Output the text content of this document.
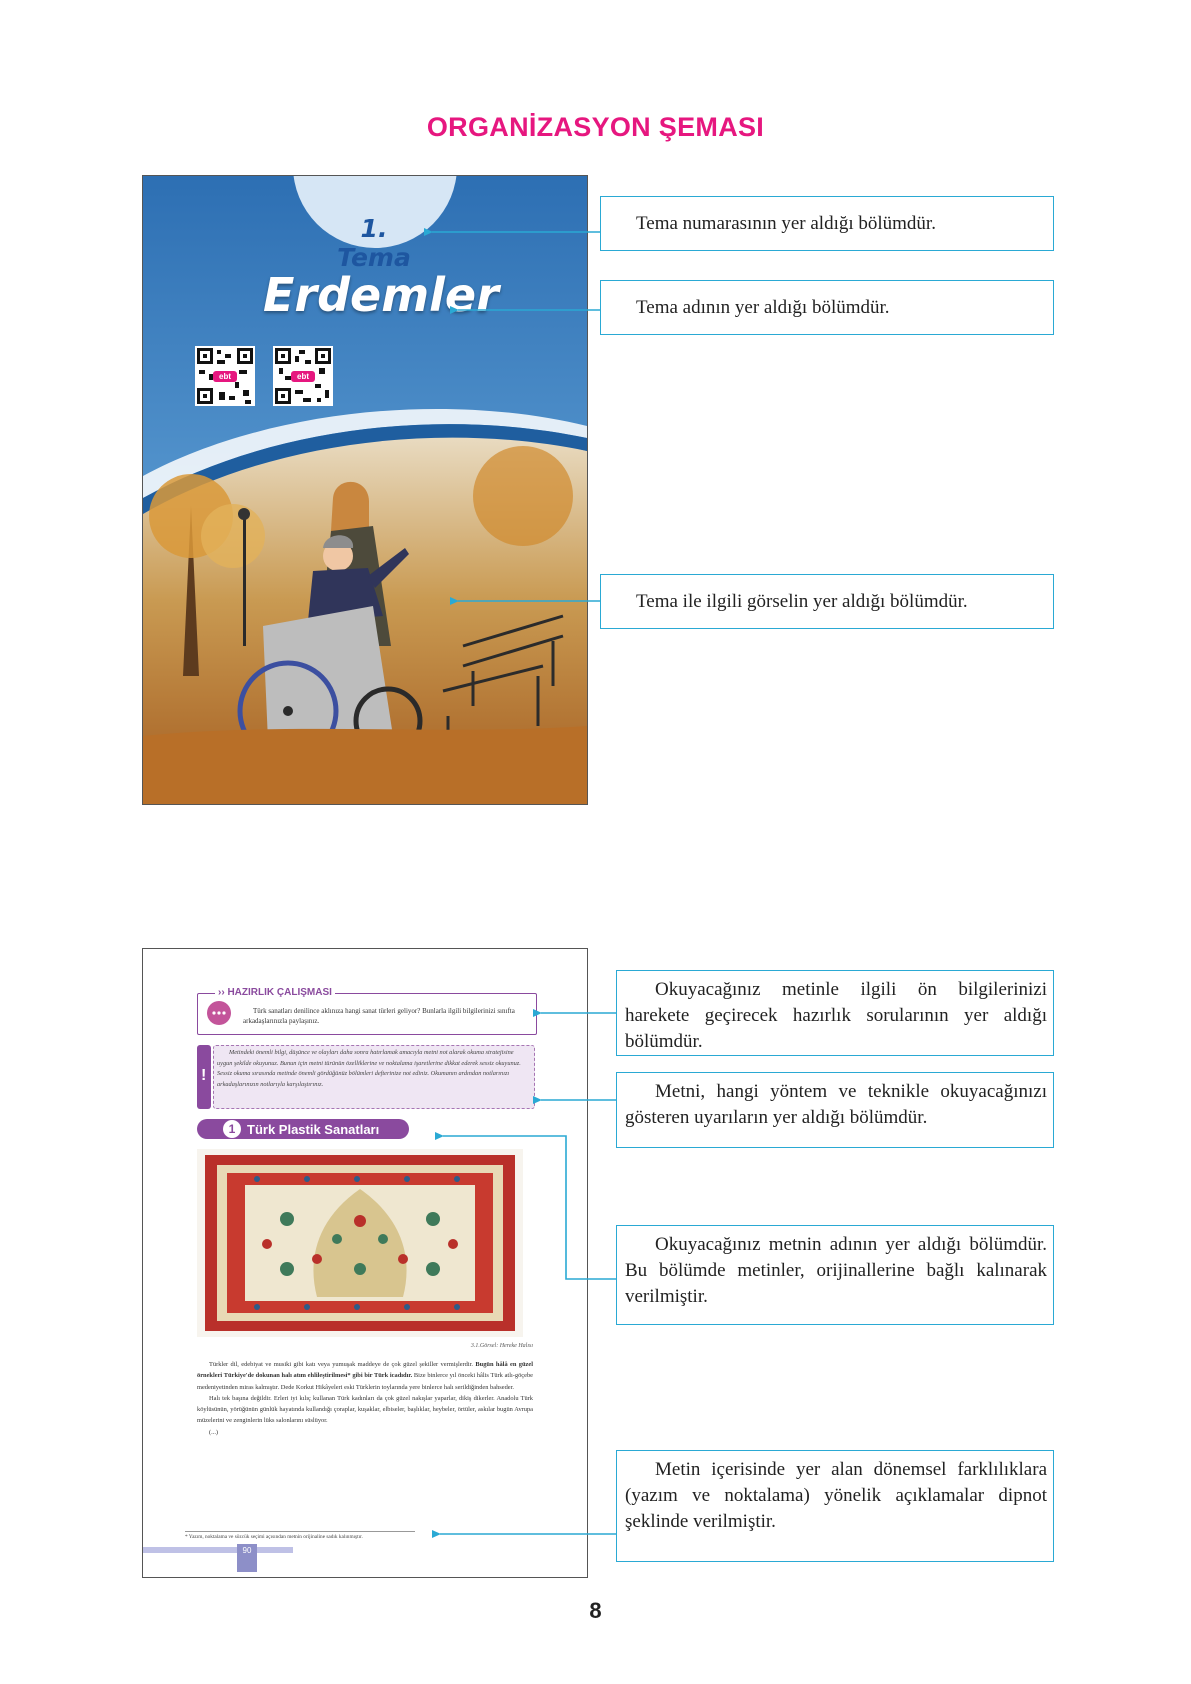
ORGANİZASYON ŞEMASI
1. Tema
Erdemler
ebt	ebt
Tema numarasının yer aldığı bölümdür.
Tema adının yer aldığı bölümdür.
Tema ile ilgili görselin yer aldığı bölümdür.
›› HAZIRLIK ÇALIŞMASI
Türk sanatları denilince aklınıza hangi sanat türleri geliyor? Bunlarla ilgili bilgilerinizi sınıfta arkadaşlarınızla paylaşınız.
!
Metindeki önemli bilgi, düşünce ve olayları daha sonra hatırlamak amacıyla metni not alarak okuma stratejisine uygun şekilde okuyunuz. Bunun için metni türünün özelliklerine ve noktalama işaretlerine dikkat ederek sessiz okuyunuz. Sessiz okuma sırasında metinde önemli gördüğünüz bölümleri defterinize not ediniz. Okumanın ardından notlarınızı arkadaşlarınızın notlarıyla karşılaştırınız.
1 Türk Plastik Sanatları
3.1.Görsel: Hereke Halısı

Türkler dil, edebiyat ve musiki gibi katı veya yumuşak maddeye de çok güzel şekiller vermişlerdir. Bugün hâlâ en güzel örnekleri Türkiye'de dokunan halı atım ehlileştirilmesi* gibi bir Türk icadıdır. Bize binlerce yıl önceki hâlis Türk atlı-göçebe medeniyetinden miras kalmıştır. Dede Korkut Hikâyeleri eski Türklerin toylarında yere binlerce halı serildiğinden bahseder.

Halı tek başına değildir. Erleri iyi kılıç kullanan Türk kadınları da çok güzel nakışlar yaparlar, dikiş dikerler. Anadolu Türk köylüsünün, yörüğünün günlük hayatında kullandığı çoraplar, kuşaklar, elbiseler, başlıklar, heybeler, örtüler, askılar bugün Avrupa müzelerini ve zenginlerin lüks salonlarını süslüyor.

(...)

* Yazım, noktalama ve sözcük seçimi açısından metnin orijinaline sadık kalınmıştır.
90
Okuyacağınız metinle ilgili ön bilgilerinizi harekete geçirecek hazırlık sorularının yer aldığı bölümdür.
Metni, hangi yöntem ve teknikle okuyacağınızı gösteren uyarıların yer aldığı bölümdür.
Okuyacağınız metnin adının yer aldığı bölümdür. Bu bölümde metinler, orijinallerine bağlı kalınarak verilmiştir.
Metin içerisinde yer alan dönemsel farklılıklara (yazım ve noktalama) yönelik açıklamalar dipnot şeklinde verilmiştir.
8
